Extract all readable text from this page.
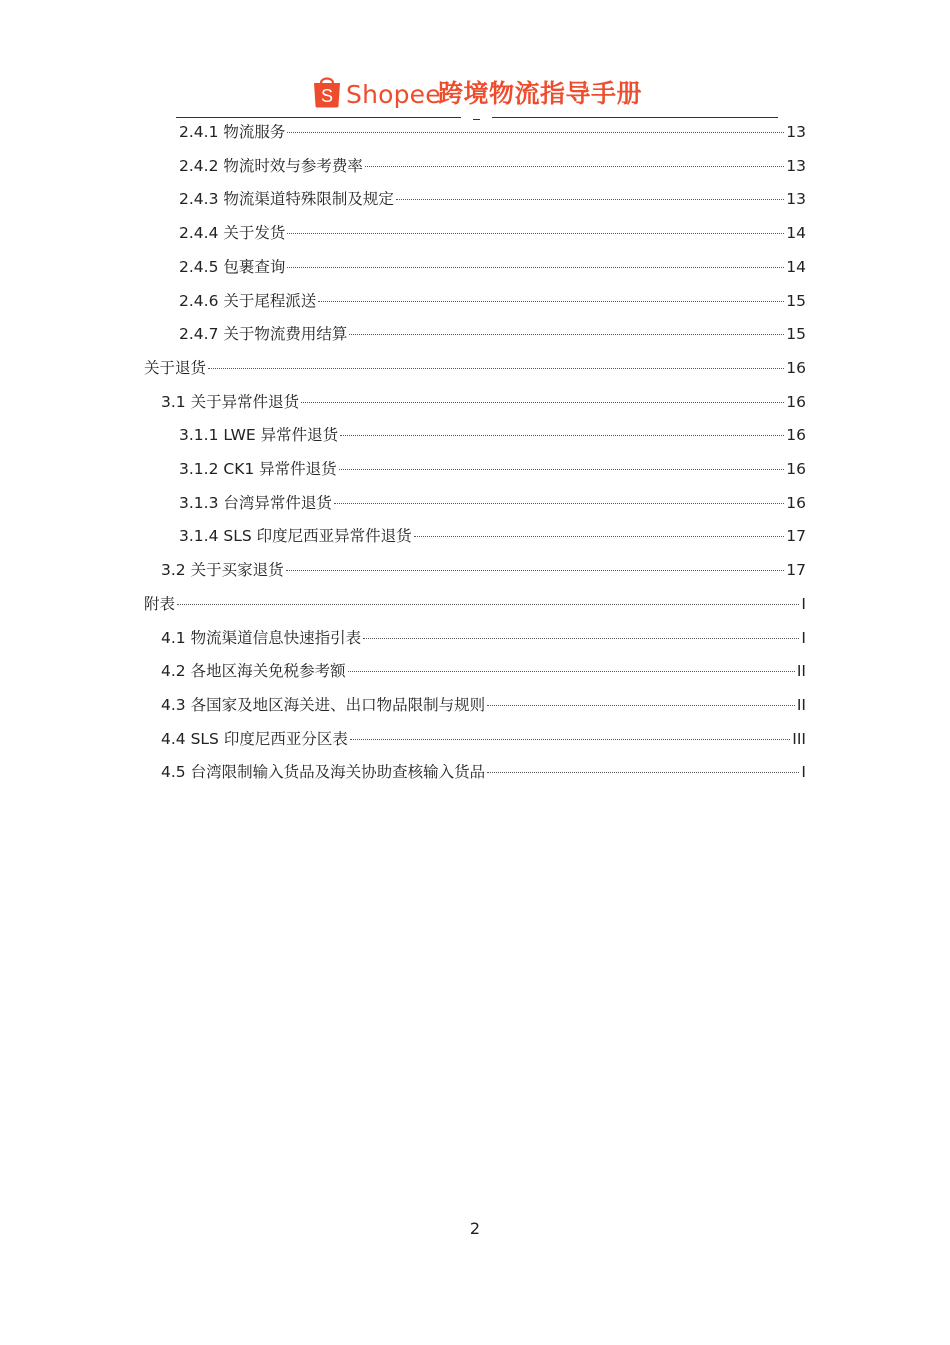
S Shopee
跨境物流指导手册
2.4.1 物流服务	13
2.4.2 物流时效与参考费率	13
2.4.3 物流渠道特殊限制及规定	13
2.4.4 关于发货	14
2.4.5 包裹查询	14
2.4.6 关于尾程派送	15
2.4.7 关于物流费用结算	15
关于退货	16
3.1 关于异常件退货	16
3.1.1 LWE 异常件退货	16
3.1.2 CK1 异常件退货	16
3.1.3 台湾异常件退货	16
3.1.4 SLS 印度尼西亚异常件退货	17
3.2 关于买家退货	17
附表	I
4.1 物流渠道信息快速指引表	I
4.2 各地区海关免税参考额	II
4.3 各国家及地区海关进、出口物品限制与规则	II
4.4 SLS 印度尼西亚分区表	III
4.5 台湾限制输入货品及海关协助查核输入货品	I
2
